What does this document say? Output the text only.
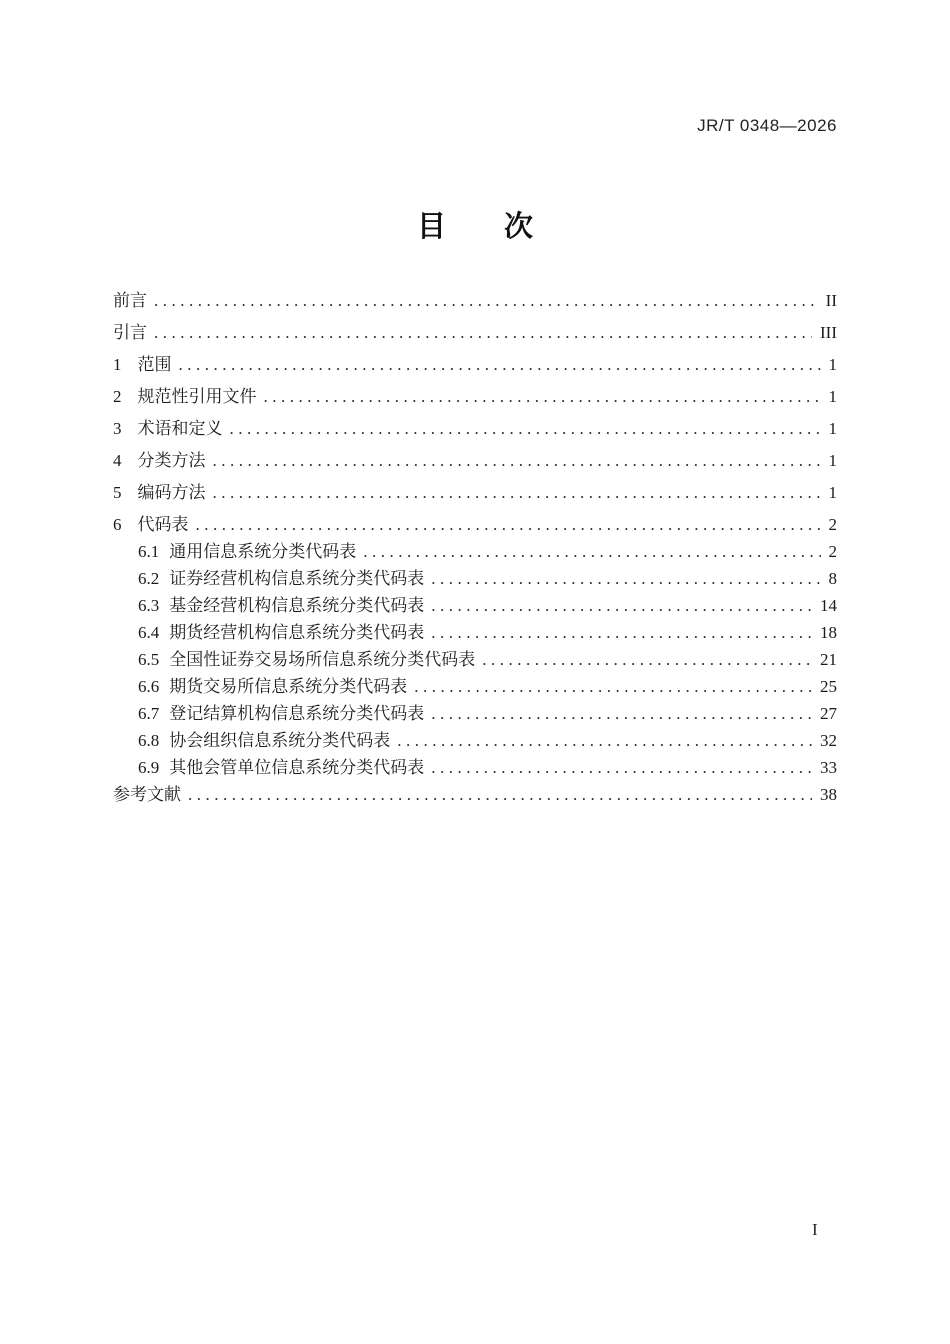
JR/T 0348—2026
目　　次
前言 .....	II
引言 .....	III
1 范围 .....	1
2 规范性引用文件 .....	1
3 术语和定义 .....	1
4 分类方法 .....	1
5 编码方法 .....	1
6 代码表 .....	2
6.1 通用信息系统分类代码表 .....	2
6.2 证券经营机构信息系统分类代码表 .....	8
6.3 基金经营机构信息系统分类代码表 .....	14
6.4 期货经营机构信息系统分类代码表 .....	18
6.5 全国性证券交易场所信息系统分类代码表 .....	21
6.6 期货交易所信息系统分类代码表 .....	25
6.7 登记结算机构信息系统分类代码表 .....	27
6.8 协会组织信息系统分类代码表 .....	32
6.9 其他会管单位信息系统分类代码表 .....	33
参考文献 .....	38
I
